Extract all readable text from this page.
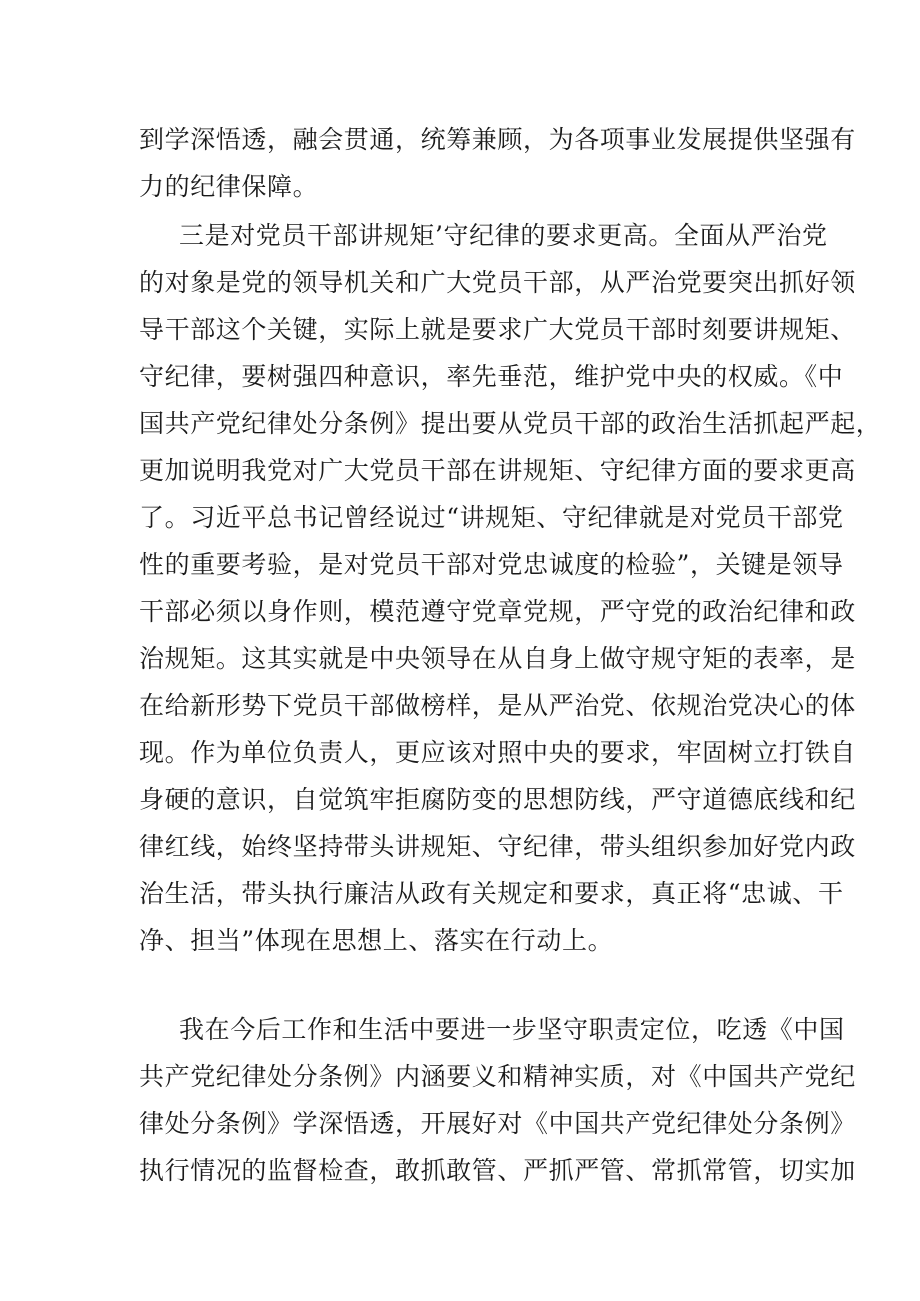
到学深悟透，融会贯通，统筹兼顾，为各项事业发展提供坚强有
力的纪律保障。
三是对党员干部讲规矩’守纪律的要求更高。全面从严治党
的对象是党的领导机关和广大党员干部，从严治党要突出抓好领
导干部这个关键，实际上就是要求广大党员干部时刻要讲规矩、
守纪律，要树强四种意识，率先垂范，维护党中央的权威。《中
国共产党纪律处分条例》提出要从党员干部的政治生活抓起严起，
更加说明我党对广大党员干部在讲规矩、守纪律方面的要求更高
了。习近平总书记曾经说过“讲规矩、守纪律就是对党员干部党
性的重要考验，是对党员干部对党忠诚度的检验”，关键是领导
干部必须以身作则，模范遵守党章党规，严守党的政治纪律和政
治规矩。这其实就是中央领导在从自身上做守规守矩的表率，是
在给新形势下党员干部做榜样，是从严治党、依规治党决心的体
现。作为单位负责人，更应该对照中央的要求，牢固树立打铁自
身硬的意识，自觉筑牢拒腐防变的思想防线，严守道德底线和纪
律红线，始终坚持带头讲规矩、守纪律，带头组织参加好党内政
治生活，带头执行廉洁从政有关规定和要求，真正将“忠诚、干
净、担当”体现在思想上、落实在行动上。
我在今后工作和生活中要进一步坚守职责定位，吃透《中国
共产党纪律处分条例》内涵要义和精神实质，对《中国共产党纪
律处分条例》学深悟透，开展好对《中国共产党纪律处分条例》
执行情况的监督检查，敢抓敢管、严抓严管、常抓常管，切实加
